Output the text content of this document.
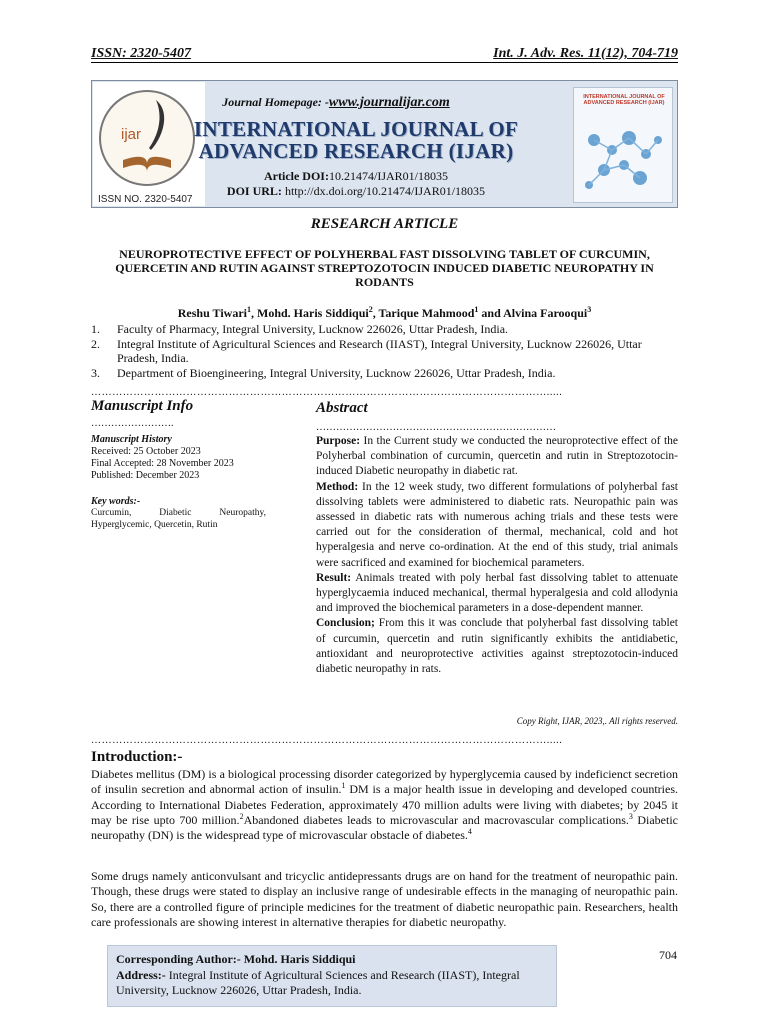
ISSN: 2320-5407	Int. J. Adv. Res. 11(12), 704-719
ijar
ISSN NO. 2320-5407
INTERNATIONAL JOURNAL OF ADVANCED RESEARCH (IJAR)
Journal Homepage: -www.journalijar.com
INTERNATIONAL JOURNAL OF
ADVANCED RESEARCH (IJAR)
Article DOI:10.21474/IJAR01/18035
DOI URL: http://dx.doi.org/10.21474/IJAR01/18035
RESEARCH ARTICLE
NEUROPROTECTIVE EFFECT OF POLYHERBAL FAST DISSOLVING TABLET OF CURCUMIN, QUERCETIN AND RUTIN AGAINST STREPTOZOTOCIN INDUCED DIABETIC NEUROPATHY IN RODANTS
Reshu Tiwari$^1$, Mohd. Haris Siddiqui$^2$, Tarique Mahmood$^1$ and Alvina Farooqui$^3$
1. Faculty of Pharmacy, Integral University, Lucknow 226026, Uttar Pradesh, India.
2. Integral Institute of Agricultural Sciences and Research (IIAST), Integral University, Lucknow 226026, Uttar Pradesh, India.
3. Department of Bioengineering, Integral University, Lucknow 226026, Uttar Pradesh, India.
………………………………………………………………………………………………………………….....
Manuscript Info
…………………….
Manuscript History
Received: 25 October 2023
Final Accepted: 28 November 2023
Published: December 2023
Key words:-
Curcumin, Diabetic Neuropathy, Hyperglycemic, Quercetin, Rutin
Abstract
………………………………………………………………

Purpose: In the Current study we conducted the neuroprotective effect of the Polyherbal combination of curcumin, quercetin and rutin in Streptozotocin-induced Diabetic neuropathy in diabetic rat.

Method: In the 12 week study, two different formulations of polyherbal fast dissolving tablets were administered to diabetic rats. Neuropathic pain was assessed in diabetic rats with numerous aching trials and these tests were carried out for the consideration of thermal, mechanical, cold and hot hyperalgesia and nerve co-ordination. At the end of this study, trial animals were sacrificed and examined for biochemical parameters.

Result: Animals treated with poly herbal fast dissolving tablet to attenuate hyperglycaemia induced mechanical, thermal hyperalgesia and cold allodynia and improved the biochemical parameters in a dose-dependent manner.

Conclusion; From this it was conclude that polyherbal fast dissolving tablet of curcumin, quercetin and rutin significantly exhibits the antidiabetic, antioxidant and neuroprotective activities against streptozotocin-induced diabetic neuropathy in rats.

Copy Right, IJAR, 2023,. All rights reserved.
………………………………………………………………………………………………………………….....
Introduction:-
Diabetes mellitus (DM) is a biological processing disorder categorized by hyperglycemia caused by indeficienct secretion of insulin secretion and abnormal action of insulin.$^1$ DM is a major health issue in developing and developed countries. According to International Diabetes Federation, approximately 470 million adults were living with diabetes; by 2045 it may be rise upto 700 million.$^2$Abandoned diabetes leads to microvascular and macrovascular complications.$^3$ Diabetic neuropathy (DN) is the widespread type of microvascular obstacle of diabetes.$^4$
Some drugs namely anticonvulsant and tricyclic antidepressants drugs are on hand for the treatment of neuropathic pain. Though, these drugs were stated to display an inclusive range of undesirable effects in the managing of neuropathic pain. So, there are a controlled figure of principle medicines for the treatment of diabetic neuropathic pain. Researchers, health care professionals are showing interest in alternative therapies for diabetic neuropathy.
Corresponding Author:- Mohd. Haris Siddiqui
Address:- Integral Institute of Agricultural Sciences and Research (IIAST), Integral University, Lucknow 226026, Uttar Pradesh, India.
704
